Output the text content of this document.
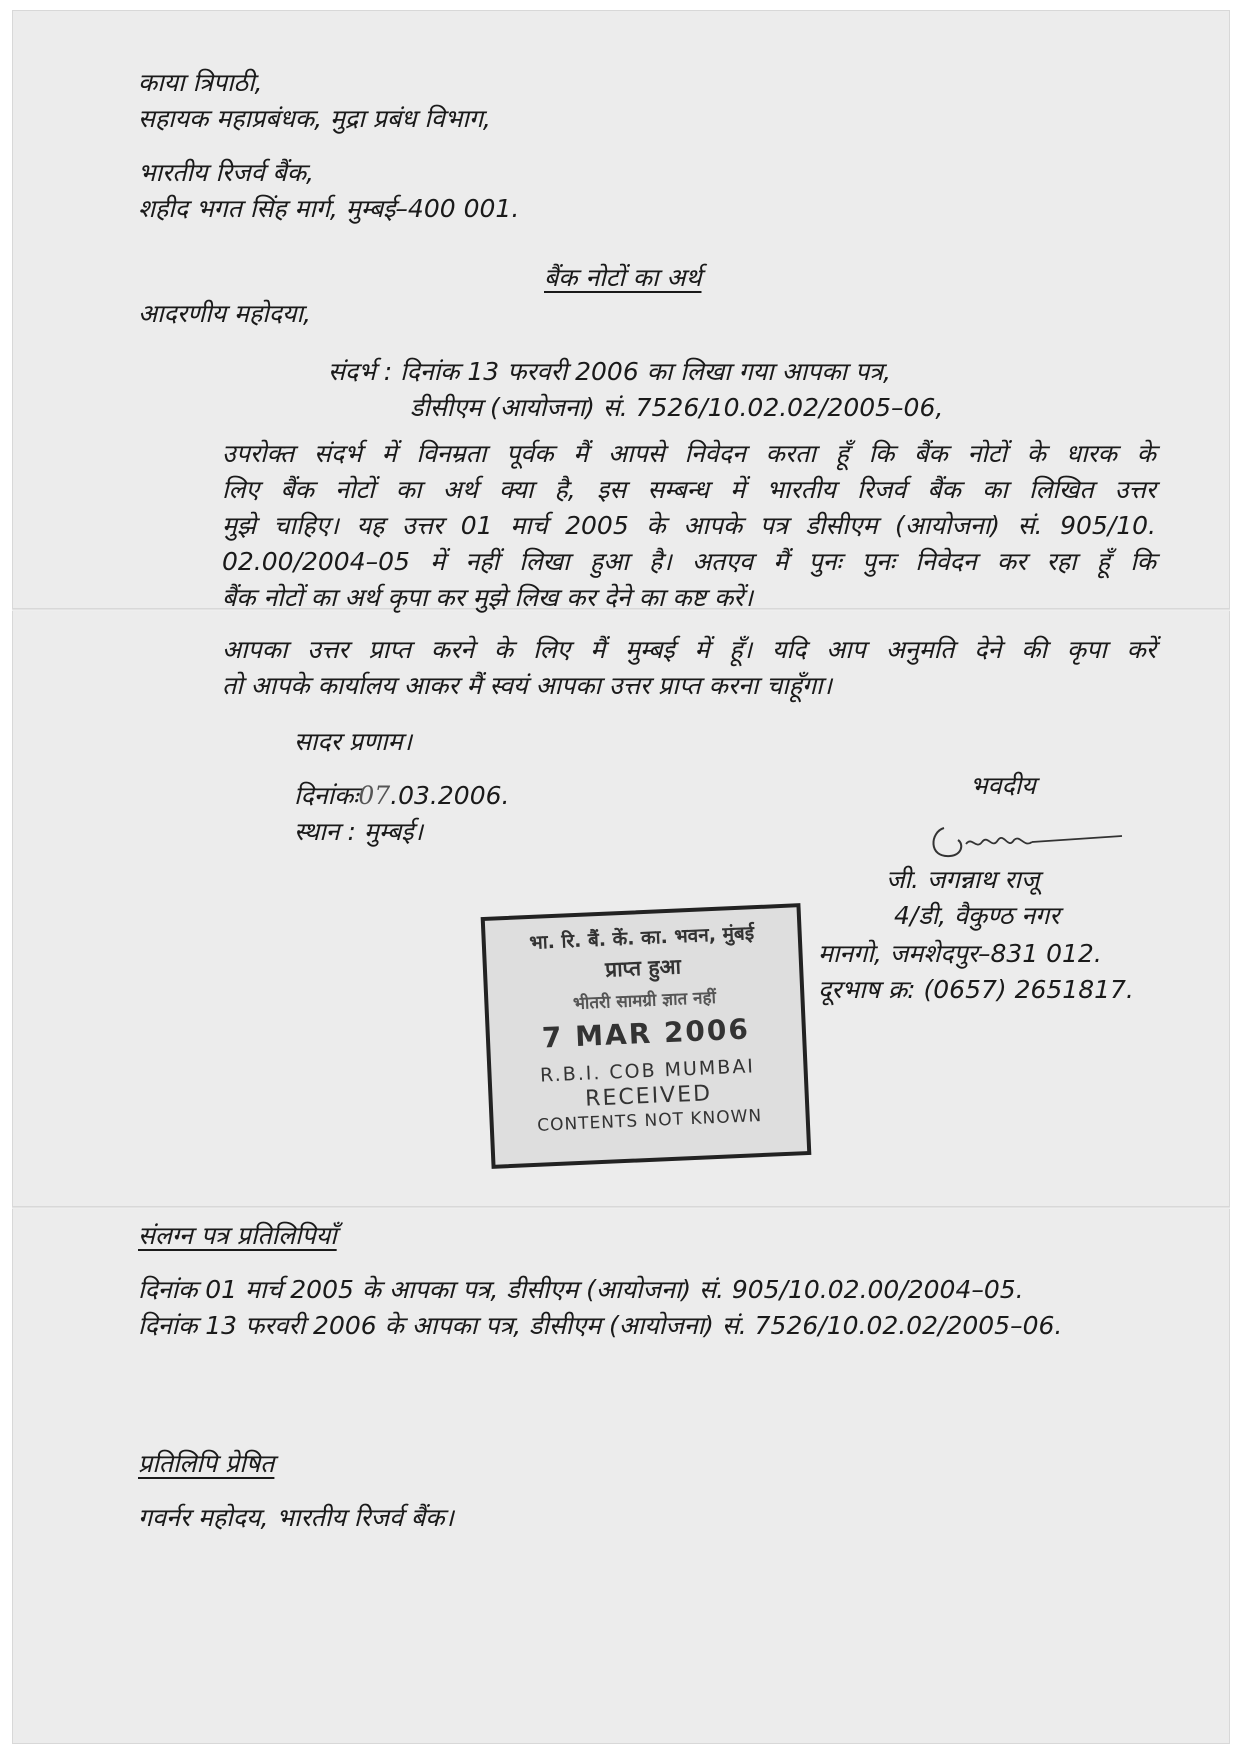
काया त्रिपाठी,
सहायक महाप्रबंधक, मुद्रा प्रबंध विभाग,
भारतीय रिजर्व बैंक,
शहीद भगत सिंह मार्ग, मुम्बई–400 001.
बैंक नोटों का अर्थ
आदरणीय महोदया,
संदर्भ : दिनांक 13 फरवरी 2006 का लिखा गया आपका पत्र,
डीसीएम (आयोजना) सं. 7526/10.02.02/2005–06,
उपरोक्त संदर्भ में विनम्रता पूर्वक मैं आपसे निवेदन करता हूँ कि बैंक नोटों के धारक के
लिए बैंक नोटों का अर्थ क्या है, इस सम्बन्ध में भारतीय रिजर्व बैंक का लिखित उत्तर
मुझे चाहिए। यह उत्तर 01 मार्च 2005 के आपके पत्र डीसीएम (आयोजना) सं. 905/10.
02.00/2004–05 में नहीं लिखा हुआ है। अतएव मैं पुनः पुनः निवेदन कर रहा हूँ कि
बैंक नोटों का अर्थ कृपा कर मुझे लिख कर देने का कष्ट करें।
आपका उत्तर प्राप्त करने के लिए मैं मुम्बई में हूँ। यदि आप अनुमति देने की कृपा करें
तो आपके कार्यालय आकर मैं स्वयं आपका उत्तर प्राप्त करना चाहूँगा।
सादर प्रणाम।
दिनांकः07.03.2006.
स्थान : मुम्बई।
भवदीय
जी. जगन्नाथ राजू
4/डी, वैकुण्ठ नगर
मानगो, जमशेदपुर–831 012.
दूरभाष क्र: (0657) 2651817.
भा. रि. बैं. कें. का. भवन, मुंबई
प्राप्त हुआ
भीतरी सामग्री ज्ञात नहीं
7 MAR 2006
R.B.I. COB MUMBAI
RECEIVED
CONTENTS NOT KNOWN
संलग्न पत्र प्रतिलिपियाँ
दिनांक 01 मार्च 2005 के आपका पत्र, डीसीएम (आयोजना) सं. 905/10.02.00/2004–05.
दिनांक 13 फरवरी 2006 के आपका पत्र, डीसीएम (आयोजना) सं. 7526/10.02.02/2005–06.
प्रतिलिपि प्रेषित
गवर्नर महोदय, भारतीय रिजर्व बैंक।
